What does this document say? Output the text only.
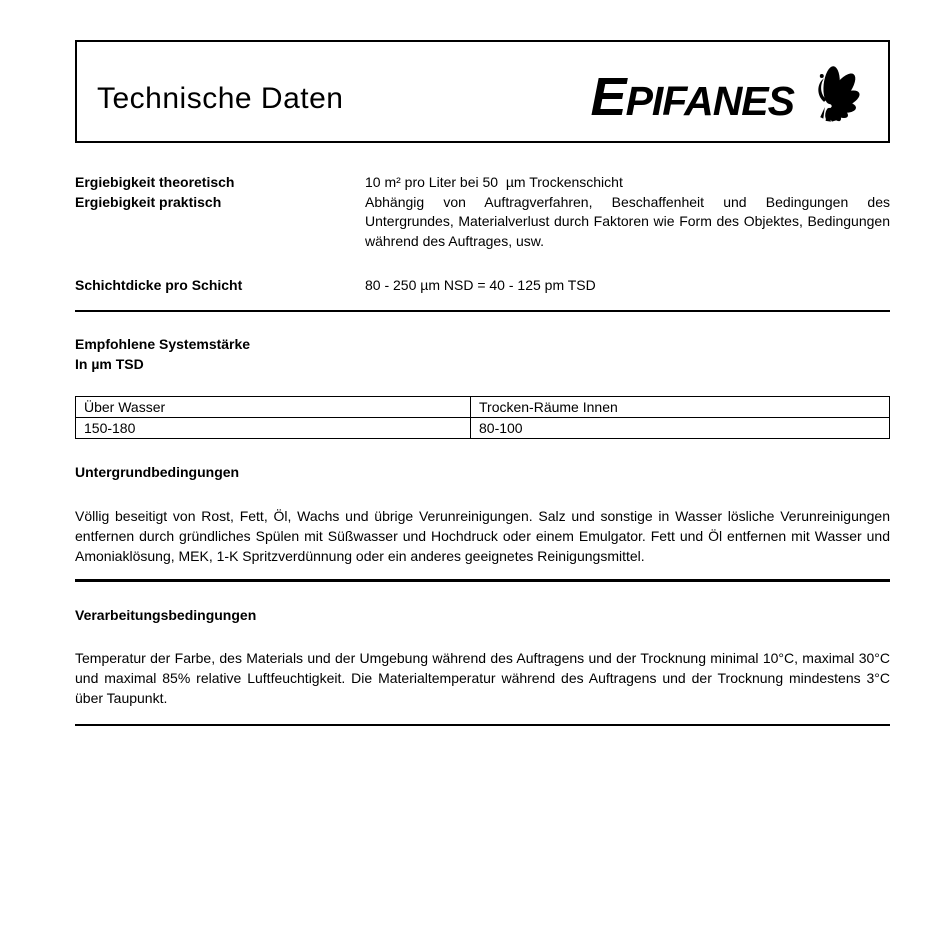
Technische Daten	EPIFANES
Ergiebigkeit theoretisch	10 m² pro Liter bei 50  µm Trockenschicht
Ergiebigkeit praktisch	Abhängig von Auftragverfahren, Beschaffenheit und Bedingungen des Untergrundes, Materialverlust durch Faktoren wie Form des Objektes, Bedingungen während des Auftrages, usw.
Schichtdicke pro Schicht	80 - 250 µm NSD = 40 - 125 pm TSD
Empfohlene Systemstärke
In µm TSD
Über Wasser	Trocken-Räume Innen
150-180	80-100
Untergrundbedingungen
Völlig beseitigt von Rost, Fett, Öl, Wachs und übrige Verunreinigungen. Salz und sonstige in Wasser lösliche Verunreinigungen entfernen durch gründliches Spülen mit Süßwasser und Hochdruck oder einem Emulgator. Fett und Öl entfernen mit Wasser und Amoniaklösung, MEK, 1-K Spritzverdünnung oder ein anderes geeignetes Reinigungsmittel.
Verarbeitungsbedingungen
Temperatur der Farbe, des Materials und der Umgebung während des Auftragens und der Trocknung minimal 10°C, maximal 30°C und maximal 85% relative Luftfeuchtigkeit. Die Materialtemperatur während des Auftragens und der Trocknung mindestens 3°C über Taupunkt.
